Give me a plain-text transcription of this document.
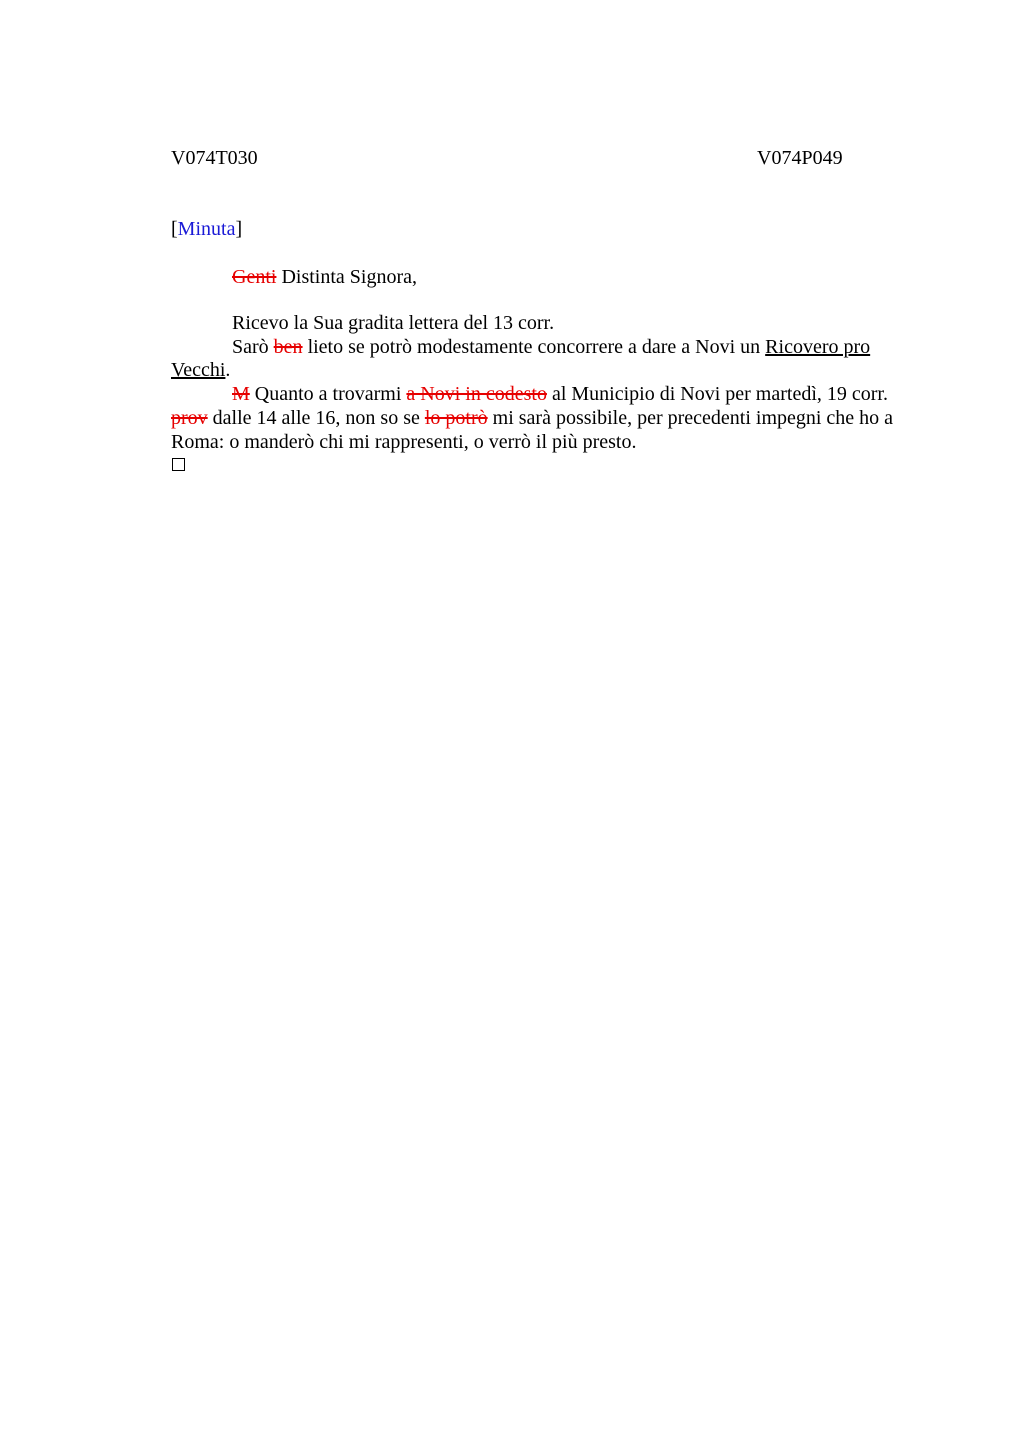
V074T030	V074P049
[Minuta]
Genti Distinta Signora,

Ricevo la Sua gradita lettera del 13 corr.

Sarò ben lieto se potrò modestamente concorrere a dare a Novi un Ricovero pro Vecchi.

M Quanto a trovarmi a Novi in codesto al Municipio di Novi per martedì, 19 corr. prov dalle 14 alle 16, non so se lo potrò mi sarà possibile, per precedenti impegni che ho a Roma: o manderò chi mi rappresenti, o verrò il più presto.
